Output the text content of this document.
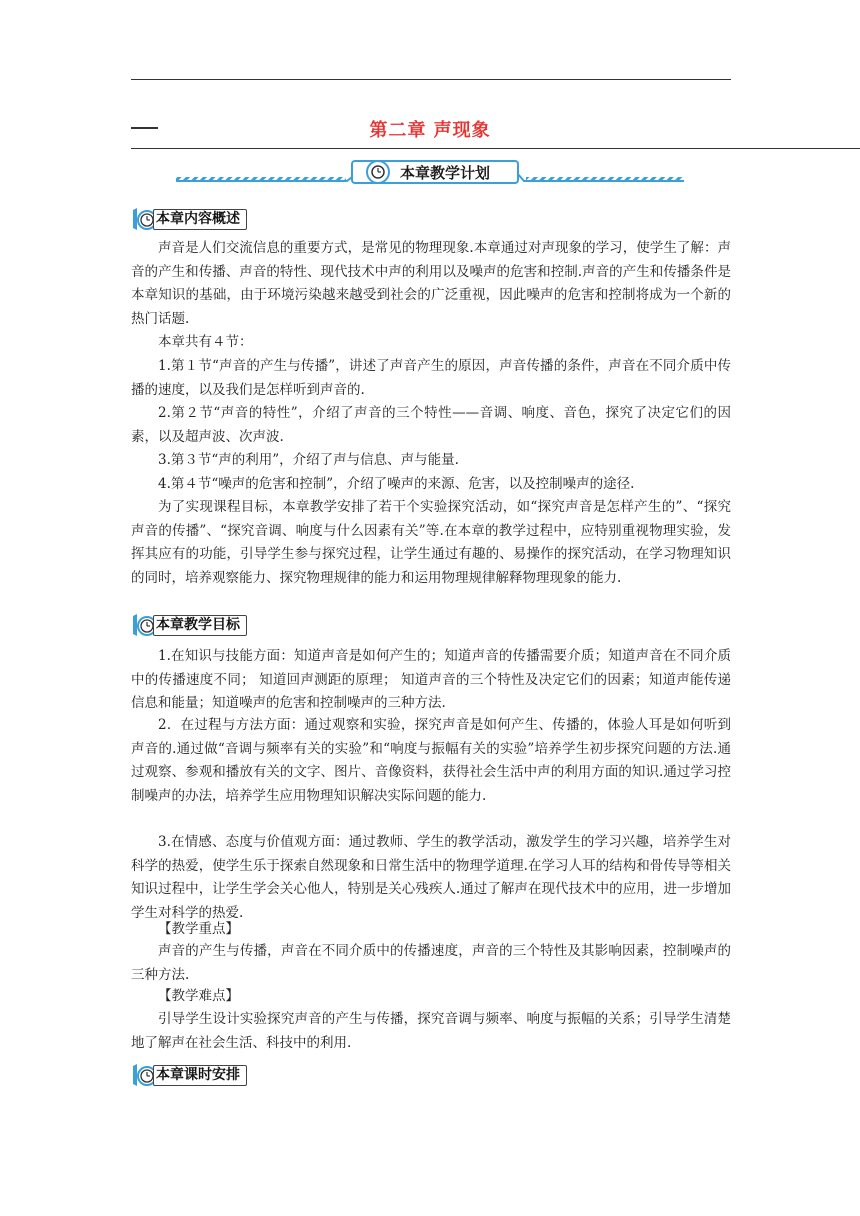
第二章 声现象
本章教学计划
本章内容概述

声音是人们交流信息的重要方式，是常见的物理现象.本章通过对声现象的学习，使学生了解：声音的产生和传播、声音的特性、现代技术中声的利用以及噪声的危害和控制.声音的产生和传播条件是本章知识的基础，由于环境污染越来越受到社会的广泛重视，因此噪声的危害和控制将成为一个新的热门话题.

本章共有４节：

1.第１节“声音的产生与传播”，讲述了声音产生的原因，声音传播的条件，声音在不同介质中传播的速度，以及我们是怎样听到声音的.

2.第２节“声音的特性”，介绍了声音的三个特性——音调、响度、音色，探究了决定它们的因素，以及超声波、次声波.

3.第３节“声的利用”，介绍了声与信息、声与能量.

4.第４节“噪声的危害和控制”，介绍了噪声的来源、危害，以及控制噪声的途径.

为了实现课程目标，本章教学安排了若干个实验探究活动，如“探究声音是怎样产生的”、“探究声音的传播”、“探究音调、响度与什么因素有关”等.在本章的教学过程中，应特别重视物理实验，发挥其应有的功能，引导学生参与探究过程，让学生通过有趣的、易操作的探究活动，在学习物理知识的同时，培养观察能力、探究物理规律的能力和运用物理规律解释物理现象的能力.

本章教学目标

1.在知识与技能方面：知道声音是如何产生的；知道声音的传播需要介质；知道声音在不同介质中的传播速度不同； 知道回声测距的原理； 知道声音的三个特性及决定它们的因素；知道声能传递信息和能量；知道噪声的危害和控制噪声的三种方法.

2．在过程与方法方面：通过观察和实验，探究声音是如何产生、传播的，体验人耳是如何听到声音的.通过做“音调与频率有关的实验”和“响度与振幅有关的实验”培养学生初步探究问题的方法.通过观察、参观和播放有关的文字、图片、音像资料，获得社会生活中声的利用方面的知识.通过学习控制噪声的办法，培养学生应用物理知识解决实际问题的能力.

3.在情感、态度与价值观方面：通过教师、学生的教学活动，激发学生的学习兴趣，培养学生对科学的热爱，使学生乐于探索自然现象和日常生活中的物理学道理.在学习人耳的结构和骨传导等相关知识过程中，让学生学会关心他人，特别是关心残疾人.通过了解声在现代技术中的应用，进一步增加学生对科学的热爱.

【教学重点】

声音的产生与传播，声音在不同介质中的传播速度，声音的三个特性及其影响因素，控制噪声的三种方法.

【教学难点】

引导学生设计实验探究声音的产生与传播，探究音调与频率、响度与振幅的关系；引导学生清楚地了解声在社会生活、科技中的利用.

本章课时安排
